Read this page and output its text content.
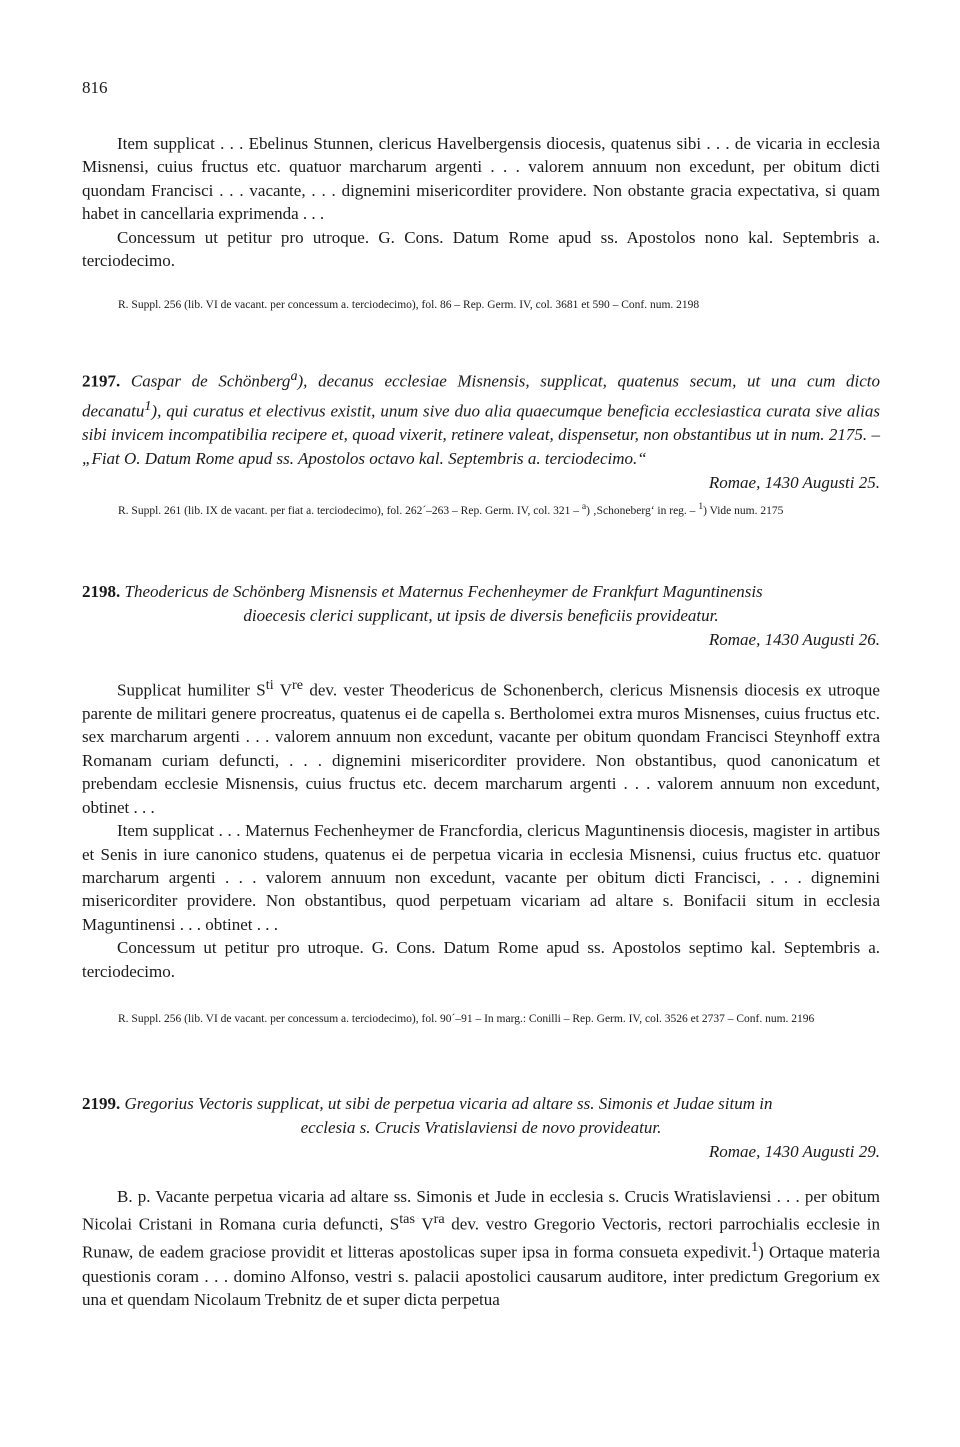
816

Item supplicat . . . Ebelinus Stunnen, clericus Havelbergensis diocesis, quatenus sibi . . . de vicaria in ecclesia Misnensi, cuius fructus etc. quatuor marcharum argenti . . . valorem annuum non excedunt, per obitum dicti quondam Francisci . . . vacante, . . . dignemini misericorditer providere. Non obstante gracia expectativa, si quam habet in cancellaria exprimenda . . .

Concessum ut petitur pro utroque. G. Cons. Datum Rome apud ss. Apostolos nono kal. Septembris a. terciodecimo.

R. Suppl. 256 (lib. VI de vacant. per concessum a. terciodecimo), fol. 86 – Rep. Germ. IV, col. 3681 et 590 – Conf. num. 2198

2197. Caspar de Schönberg$^a$), decanus ecclesiae Misnensis, supplicat, quatenus secum, ut una cum dicto decanatu$^1$), qui curatus et electivus existit, unum sive duo alia quaecumque beneficia ecclesiastica curata sive alias sibi invicem incompatibilia recipere et, quoad vixerit, retinere valeat, dispensetur, non obstantibus ut in num. 2175. – „Fiat O. Datum Rome apud ss. Apostolos octavo kal. Septembris a. terciodecimo.“

Romae, 1430 Augusti 25.

R. Suppl. 261 (lib. IX de vacant. per fiat a. terciodecimo), fol. 262´–263 – Rep. Germ. IV, col. 321 – $^a$) ‚Schoneberg‘ in reg. – $^1$) Vide num. 2175

2198. Theodericus de Schönberg Misnensis et Maternus Fechenheymer de Frankfurt Maguntinensis

dioecesis clerici supplicant, ut ipsis de diversis beneficiis provideatur.

Romae, 1430 Augusti 26.

Supplicat humiliter $S^{ti}$ Vre dev. vester Theodericus de Schonenberch, clericus Misnensis diocesis ex utroque parente de militari genere procreatus, quatenus ei de capella s. Bertholomei extra muros Misnenses, cuius fructus etc. sex marcharum argenti . . . valorem annuum non excedunt, vacante per obitum quondam Francisci Steynhoff extra Romanam curiam defuncti, . . . dignemini misericorditer providere. Non obstantibus, quod canonicatum et prebendam ecclesie Misnensis, cuius fructus etc. decem marcharum argenti . . . valorem annuum non excedunt, obtinet . . .

Item supplicat . . . Maternus Fechenheymer de Francfordia, clericus Maguntinensis diocesis, magister in artibus et Senis in iure canonico studens, quatenus ei de perpetua vicaria in ecclesia Misnensi, cuius fructus etc. quatuor marcharum argenti . . . valorem annuum non excedunt, vacante per obitum dicti Francisci, . . . dignemini misericorditer providere. Non obstantibus, quod perpetuam vicariam ad altare s. Bonifacii situm in ecclesia Maguntinensi . . . obtinet . . .

Concessum ut petitur pro utroque. G. Cons. Datum Rome apud ss. Apostolos septimo kal. Septembris a. terciodecimo.

R. Suppl. 256 (lib. VI de vacant. per concessum a. terciodecimo), fol. 90´–91 – In marg.: Conilli – Rep. Germ. IV, col. 3526 et 2737 – Conf. num. 2196

2199. Gregorius Vectoris supplicat, ut sibi de perpetua vicaria ad altare ss. Simonis et Judae situm in

ecclesia s. Crucis Vratislaviensi de novo provideatur.

Romae, 1430 Augusti 29.

B. p. Vacante perpetua vicaria ad altare ss. Simonis et Jude in ecclesia s. Crucis Wratislaviensi . . . per obitum Nicolai Cristani in Romana curia defuncti, $S^{tas}$ $V^{ra}$ dev. vestro Gregorio Vectoris, rectori parrochialis ecclesie in Runaw, de eadem graciose providit et litteras apostolicas super ipsa in forma consueta expedivit.$^1$) Ortaque materia questionis coram . . . domino Alfonso, vestri s. palacii apostolici causarum auditore, inter predictum Gregorium ex una et quendam Nicolaum Trebnitz de et super dicta perpetua
